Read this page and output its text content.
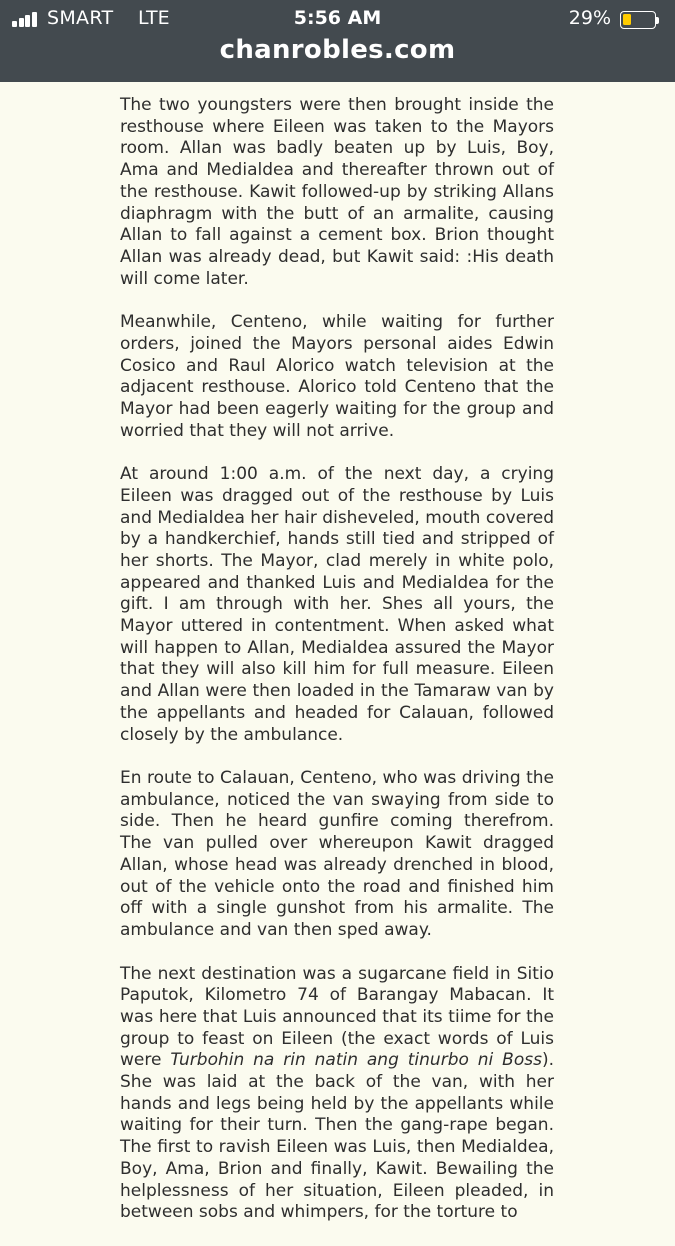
SMART LTE	5:56 AM	29%
chanrobles.com

The two youngsters were then brought inside the resthouse where Eileen was taken to the Mayors room. Allan was badly beaten up by Luis, Boy, Ama and Medialdea and thereafter thrown out of the resthouse. Kawit followed-up by striking Allans diaphragm with the butt of an armalite, causing Allan to fall against a cement box. Brion thought Allan was already dead, but Kawit said: :His death will come later.

Meanwhile, Centeno, while waiting for further orders, joined the Mayors personal aides Edwin Cosico and Raul Alorico watch television at the adjacent resthouse. Alorico told Centeno that the Mayor had been eagerly waiting for the group and worried that they will not arrive.

At around 1:00 a.m. of the next day, a crying Eileen was dragged out of the resthouse by Luis and Medialdea her hair disheveled, mouth covered by a handkerchief, hands still tied and stripped of her shorts. The Mayor, clad merely in white polo, appeared and thanked Luis and Medialdea for the gift. I am through with her. Shes all yours, the Mayor uttered in contentment. When asked what will happen to Allan, Medialdea assured the Mayor that they will also kill him for full measure. Eileen and Allan were then loaded in the Tamaraw van by the appellants and headed for Calauan, followed closely by the ambulance.

En route to Calauan, Centeno, who was driving the ambulance, noticed the van swaying from side to side. Then he heard gunfire coming therefrom. The van pulled over whereupon Kawit dragged Allan, whose head was already drenched in blood, out of the vehicle onto the road and finished him off with a single gunshot from his armalite. The ambulance and van then sped away.

The next destination was a sugarcane field in Sitio Paputok, Kilometro 74 of Barangay Mabacan. It was here that Luis announced that its tiime for the group to feast on Eileen (the exact words of Luis were Turbohin na rin natin ang tinurbo ni Boss). She was laid at the back of the van, with her hands and legs being held by the appellants while waiting for their turn. Then the gang-rape began. The first to ravish Eileen was Luis, then Medialdea, Boy, Ama, Brion and finally, Kawit. Bewailing the helplessness of her situation, Eileen pleaded, in between sobs and whimpers, for the torture to
